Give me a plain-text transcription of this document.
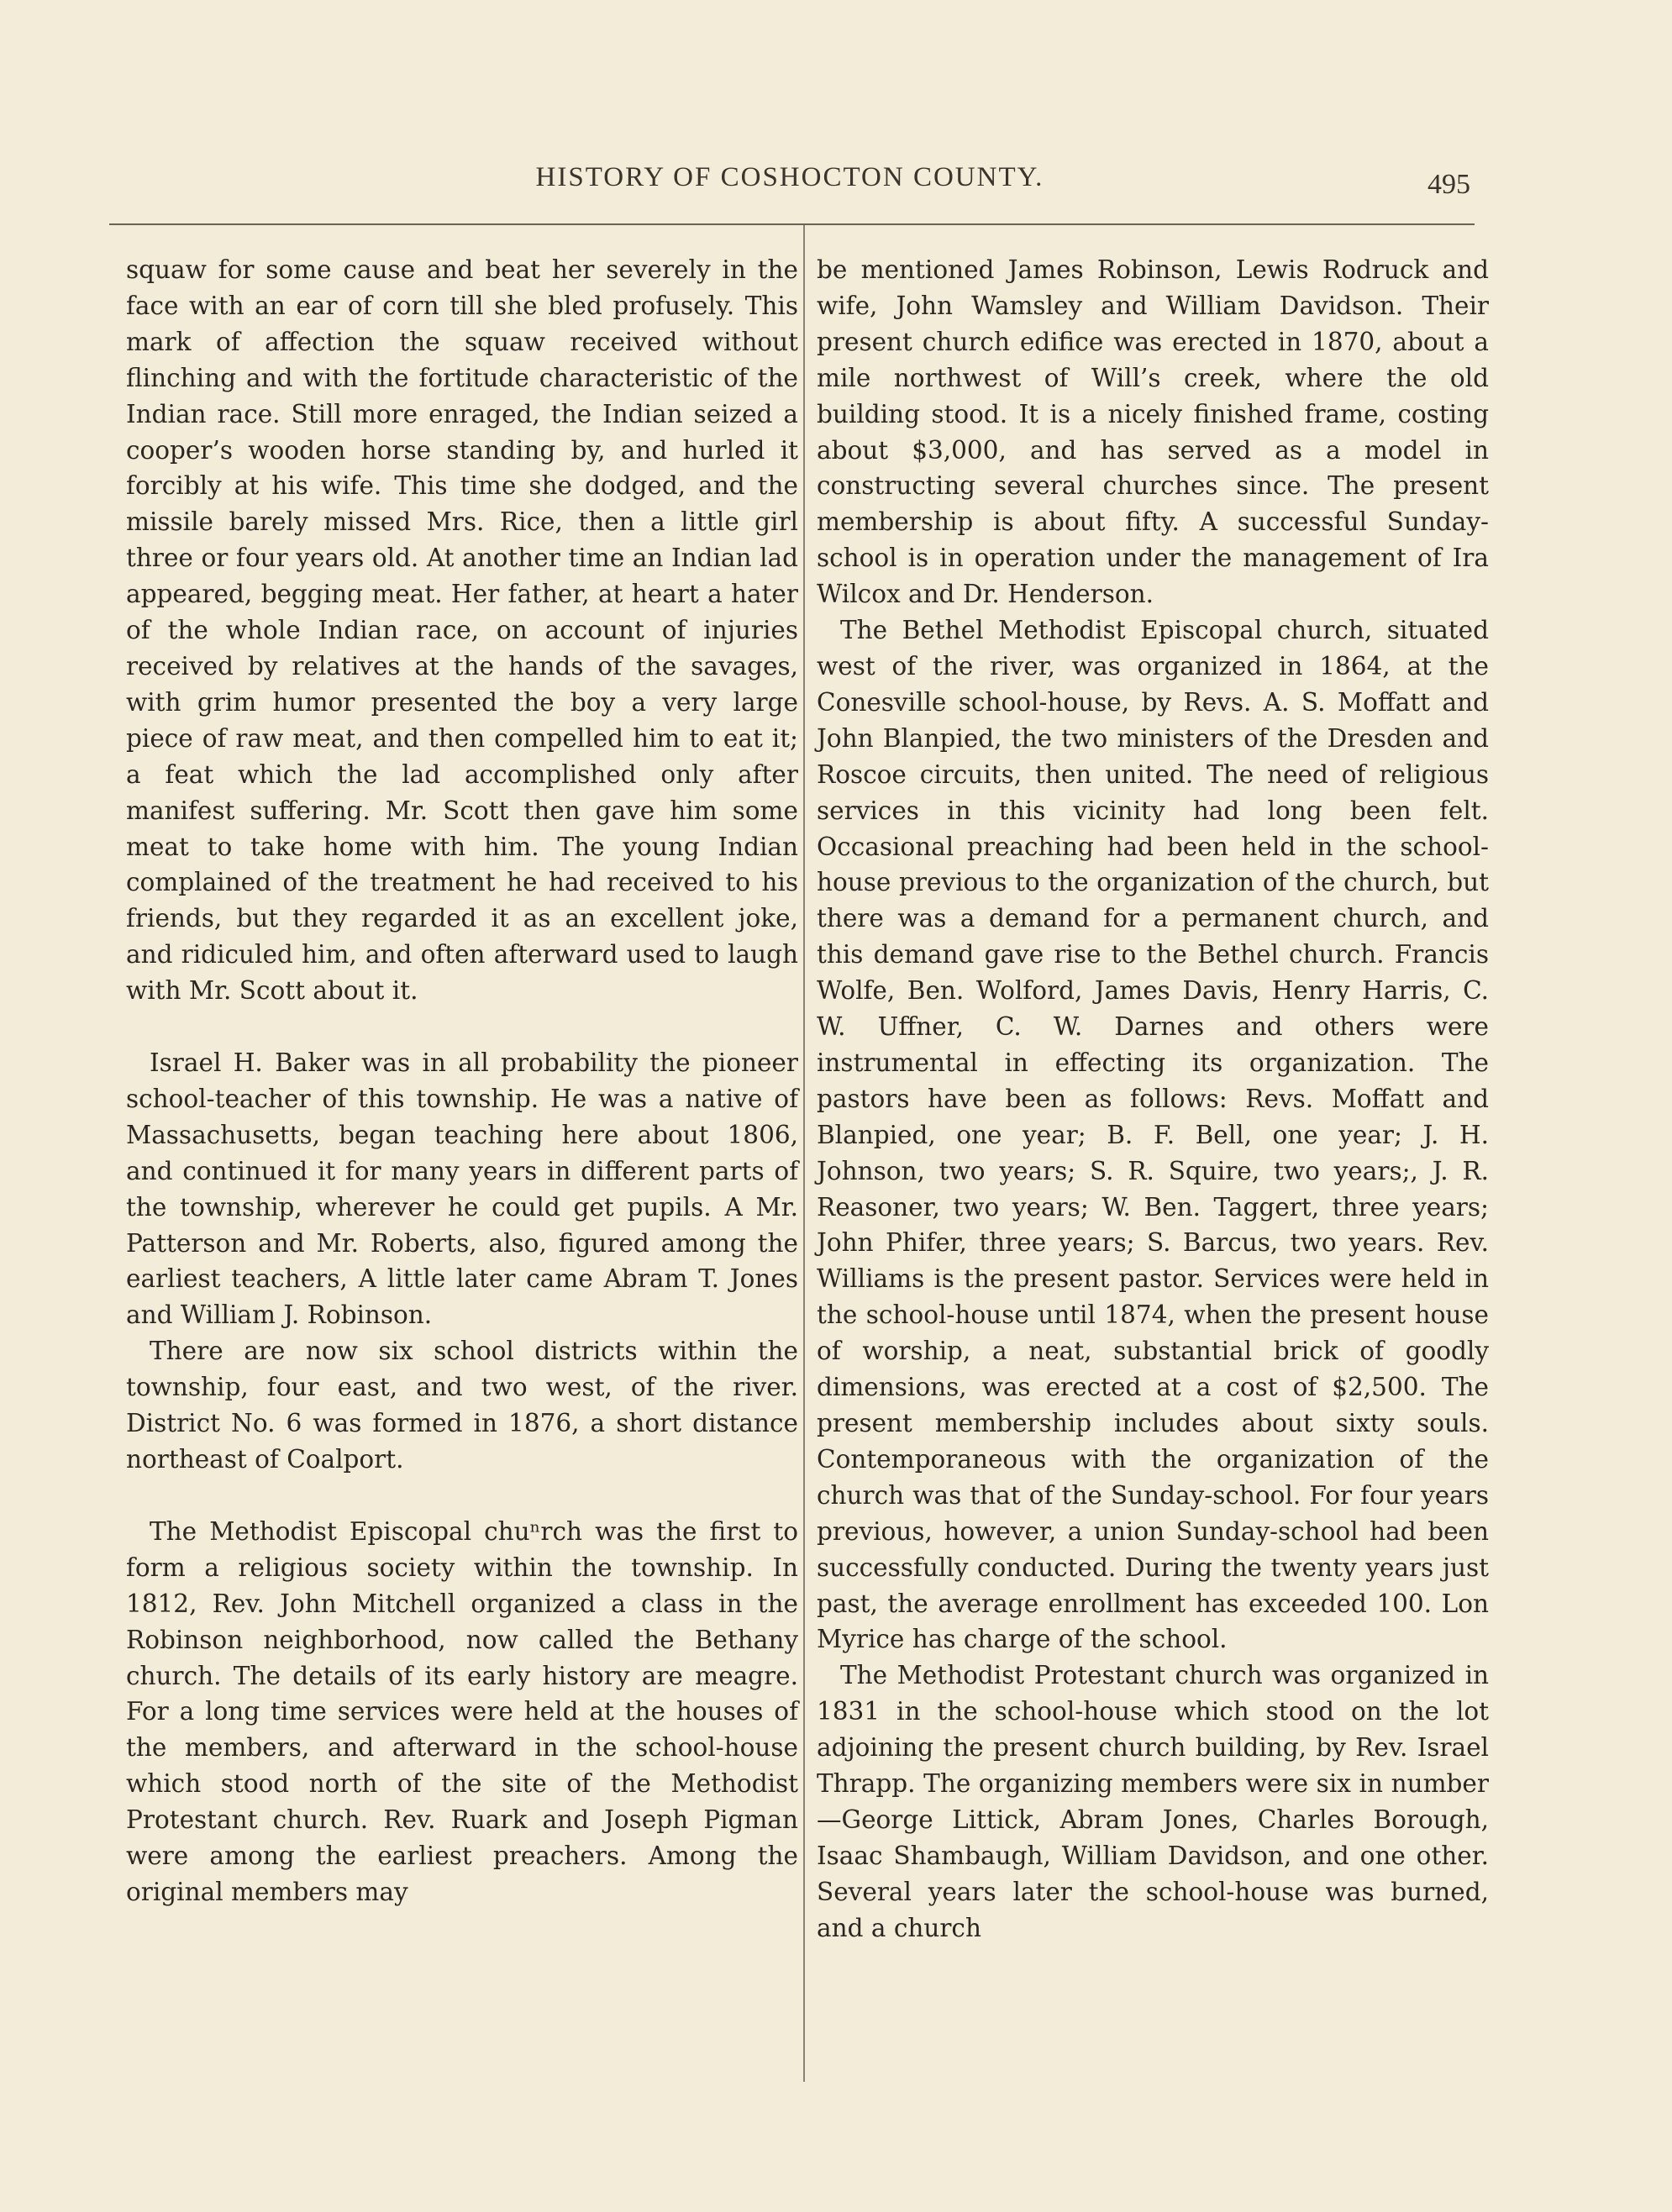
HISTORY OF COSHOCTON COUNTY.	495

squaw for some cause and beat her severely in the face with an ear of corn till she bled profusely. This mark of affection the squaw received without flinching and with the fortitude characteristic of the Indian race. Still more enraged, the Indian seized a cooper’s wooden horse standing by, and hurled it forcibly at his wife. This time she dodged, and the missile barely missed Mrs. Rice, then a little girl three or four years old. At another time an Indian lad appeared, begging meat. Her father, at heart a hater of the whole Indian race, on account of injuries received by relatives at the hands of the savages, with grim humor presented the boy a very large piece of raw meat, and then compelled him to eat it; a feat which the lad accomplished only after manifest suffering. Mr. Scott then gave him some meat to take home with him. The young Indian complained of the treatment he had received to his friends, but they regarded it as an excellent joke, and ridiculed him, and often afterward used to laugh with Mr. Scott about it.

Israel H. Baker was in all probability the pioneer school-teacher of this township. He was a native of Massachusetts, began teaching here about 1806, and continued it for many years in different parts of the township, wherever he could get pupils. A Mr. Patterson and Mr. Roberts, also, figured among the earliest teachers, A little later came Abram T. Jones and William J. Robinson.

There are now six school districts within the township, four east, and two west, of the river. District No. 6 was formed in 1876, a short distance northeast of Coalport.

The Methodist Episcopal chuⁿrch was the first to form a religious society within the township. In 1812, Rev. John Mitchell organized a class in the Robinson neighborhood, now called the Bethany church. The details of its early history are meagre. For a long time services were held at the houses of the members, and afterward in the school-house which stood north of the site of the Methodist Protestant church. Rev. Ruark and Joseph Pigman were among the earliest preachers. Among the original members may

be mentioned James Robinson, Lewis Rodruck and wife, John Wamsley and William Davidson. Their present church edifice was erected in 1870, about a mile northwest of Will’s creek, where the old building stood. It is a nicely finished frame, costing about $3,000, and has served as a model in constructing several churches since. The present membership is about fifty. A successful Sunday-school is in operation under the management of Ira Wilcox and Dr. Henderson.

The Bethel Methodist Episcopal church, situated west of the river, was organized in 1864, at the Conesville school-house, by Revs. A. S. Moffatt and John Blanpied, the two ministers of the Dresden and Roscoe circuits, then united. The need of religious services in this vicinity had long been felt. Occasional preaching had been held in the school-house previous to the organization of the church, but there was a demand for a permanent church, and this demand gave rise to the Bethel church. Francis Wolfe, Ben. Wolford, James Davis, Henry Harris, C. W. Uffner, C. W. Darnes and others were instrumental in effecting its organization. The pastors have been as follows: Revs. Moffatt and Blanpied, one year; B. F. Bell, one year; J. H. Johnson, two years; S. R. Squire, two years;, J. R. Reasoner, two years; W. Ben. Taggert, three years; John Phifer, three years; S. Barcus, two years. Rev. Williams is the present pastor. Services were held in the school-house until 1874, when the present house of worship, a neat, substantial brick of goodly dimensions, was erected at a cost of $2,500. The present membership includes about sixty souls. Contemporaneous with the organization of the church was that of the Sunday-school. For four years previous, however, a union Sunday-school had been successfully conducted. During the twenty years just past, the average enrollment has exceeded 100. Lon Myrice has charge of the school.

The Methodist Protestant church was organized in 1831 in the school-house which stood on the lot adjoining the present church building, by Rev. Israel Thrapp. The organizing members were six in number—George Littick, Abram Jones, Charles Borough, Isaac Shambaugh, William Davidson, and one other. Several years later the school-house was burned, and a church
